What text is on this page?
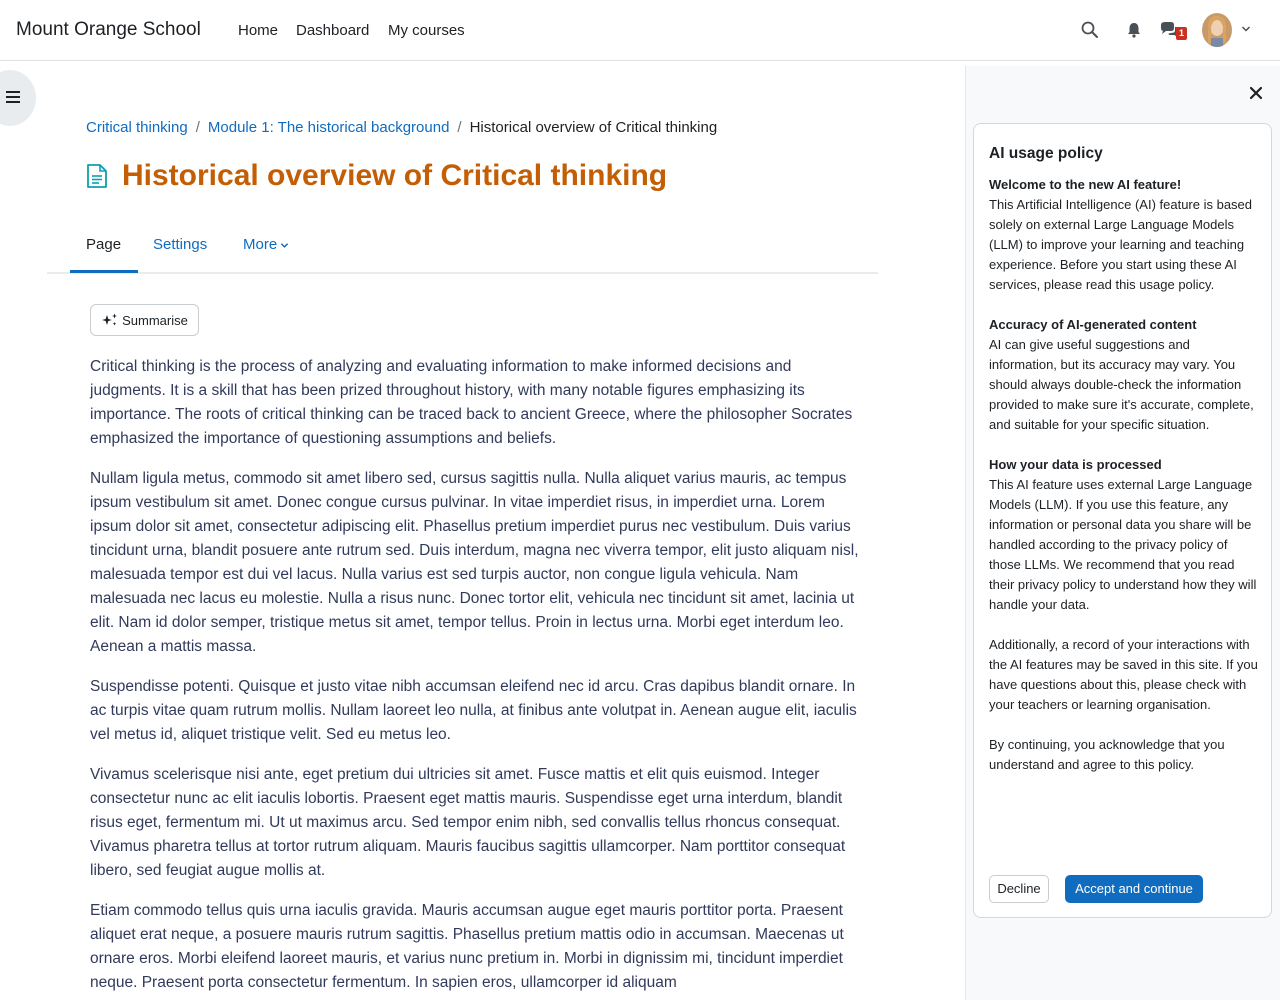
Mount Orange School Home Dashboard My courses	1
Critical thinking / Module 1: The historical background / Historical overview of Critical thinking
Historical overview of Critical thinking
Page Settings More
Summarise

Critical thinking is the process of analyzing and evaluating information to make informed decisions and judgments. It is a skill that has been prized throughout history, with many notable figures emphasizing its importance. The roots of critical thinking can be traced back to ancient Greece, where the philosopher Socrates emphasized the importance of questioning assumptions and beliefs.

Nullam ligula metus, commodo sit amet libero sed, cursus sagittis nulla. Nulla aliquet varius mauris, ac tempus ipsum vestibulum sit amet. Donec congue cursus pulvinar. In vitae imperdiet risus, in imperdiet urna. Lorem ipsum dolor sit amet, consectetur adipiscing elit. Phasellus pretium imperdiet purus nec vestibulum. Duis varius tincidunt urna, blandit posuere ante rutrum sed. Duis interdum, magna nec viverra tempor, elit justo aliquam nisl, malesuada tempor est dui vel lacus. Nulla varius est sed turpis auctor, non congue ligula vehicula. Nam malesuada nec lacus eu molestie. Nulla a risus nunc. Donec tortor elit, vehicula nec tincidunt sit amet, lacinia ut elit. Nam id dolor semper, tristique metus sit amet, tempor tellus. Proin in lectus urna. Morbi eget interdum leo. Aenean a mattis massa.

Suspendisse potenti. Quisque et justo vitae nibh accumsan eleifend nec id arcu. Cras dapibus blandit ornare. In ac turpis vitae quam rutrum mollis. Nullam laoreet leo nulla, at finibus ante volutpat in. Aenean augue elit, iaculis vel metus id, aliquet tristique velit. Sed eu metus leo.

Vivamus scelerisque nisi ante, eget pretium dui ultricies sit amet. Fusce mattis et elit quis euismod. Integer consectetur nunc ac elit iaculis lobortis. Praesent eget mattis mauris. Suspendisse eget urna interdum, blandit risus eget, fermentum mi. Ut ut maximus arcu. Sed tempor enim nibh, sed convallis tellus rhoncus consequat. Vivamus pharetra tellus at tortor rutrum aliquam. Mauris faucibus sagittis ullamcorper. Nam porttitor consequat libero, sed feugiat augue mollis at.

Etiam commodo tellus quis urna iaculis gravida. Mauris accumsan augue eget mauris porttitor porta. Praesent aliquet erat neque, a posuere mauris rutrum sagittis. Phasellus pretium mattis odio in accumsan. Maecenas ut ornare eros. Morbi eleifend laoreet mauris, et varius nunc pretium in. Morbi in dignissim mi, tincidunt imperdiet neque. Praesent porta consectetur fermentum. In sapien eros, ullamcorper id aliquam

AI usage policy
Welcome to the new AI feature!
This Artificial Intelligence (AI) feature is based solely on external Large Language Models (LLM) to improve your learning and teaching experience. Before you start using these AI services, please read this usage policy.
Accuracy of AI-generated content
AI can give useful suggestions and information, but its accuracy may vary. You should always double-check the information provided to make sure it's accurate, complete, and suitable for your specific situation.
How your data is processed
This AI feature uses external Large Language Models (LLM). If you use this feature, any information or personal data you share will be handled according to the privacy policy of those LLMs. We recommend that you read their privacy policy to understand how they will handle your data.
Additionally, a record of your interactions with the AI features may be saved in this site. If you have questions about this, please check with your teachers or learning organisation.
By continuing, you acknowledge that you understand and agree to this policy.
Decline	Accept and continue
